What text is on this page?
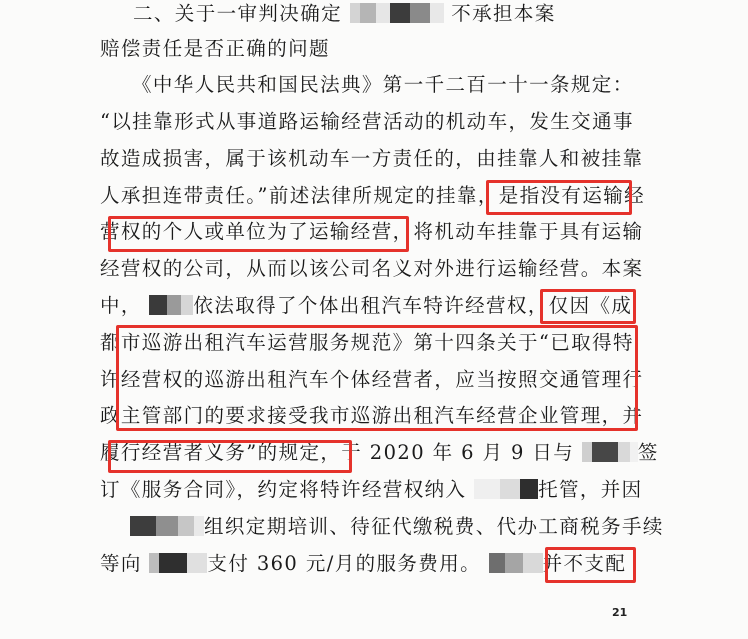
二、关于一审判决确定	不承担本案
赔偿责任是否正确的问题
《中华人民共和国民法典》第一千二百一十一条规定：
“以挂靠形式从事道路运输经营活动的机动车，发生交通事
故造成损害，属于该机动车一方责任的，由挂靠人和被挂靠
人承担连带责任。”前述法律所规定的挂靠，是指没有运输经
营权的个人或单位为了运输经营，将机动车挂靠于具有运输
经营权的公司，从而以该公司名义对外进行运输经营。本案
中，	依法取得了个体出租汽车特许经营权，仅因《成
都市巡游出租汽车运营服务规范》第十四条关于“已取得特
许经营权的巡游出租汽车个体经营者，应当按照交通管理行
政主管部门的要求接受我市巡游出租汽车经营企业管理，并
履行经营者义务”的规定，于 2020 年 6 月 9 日与	签
订《服务合同》，约定将特许经营权纳入	托管，并因
组织定期培训、待征代缴税费、代办工商税务手续
等向	支付 360 元/月的服务费用。	并不支配
21
